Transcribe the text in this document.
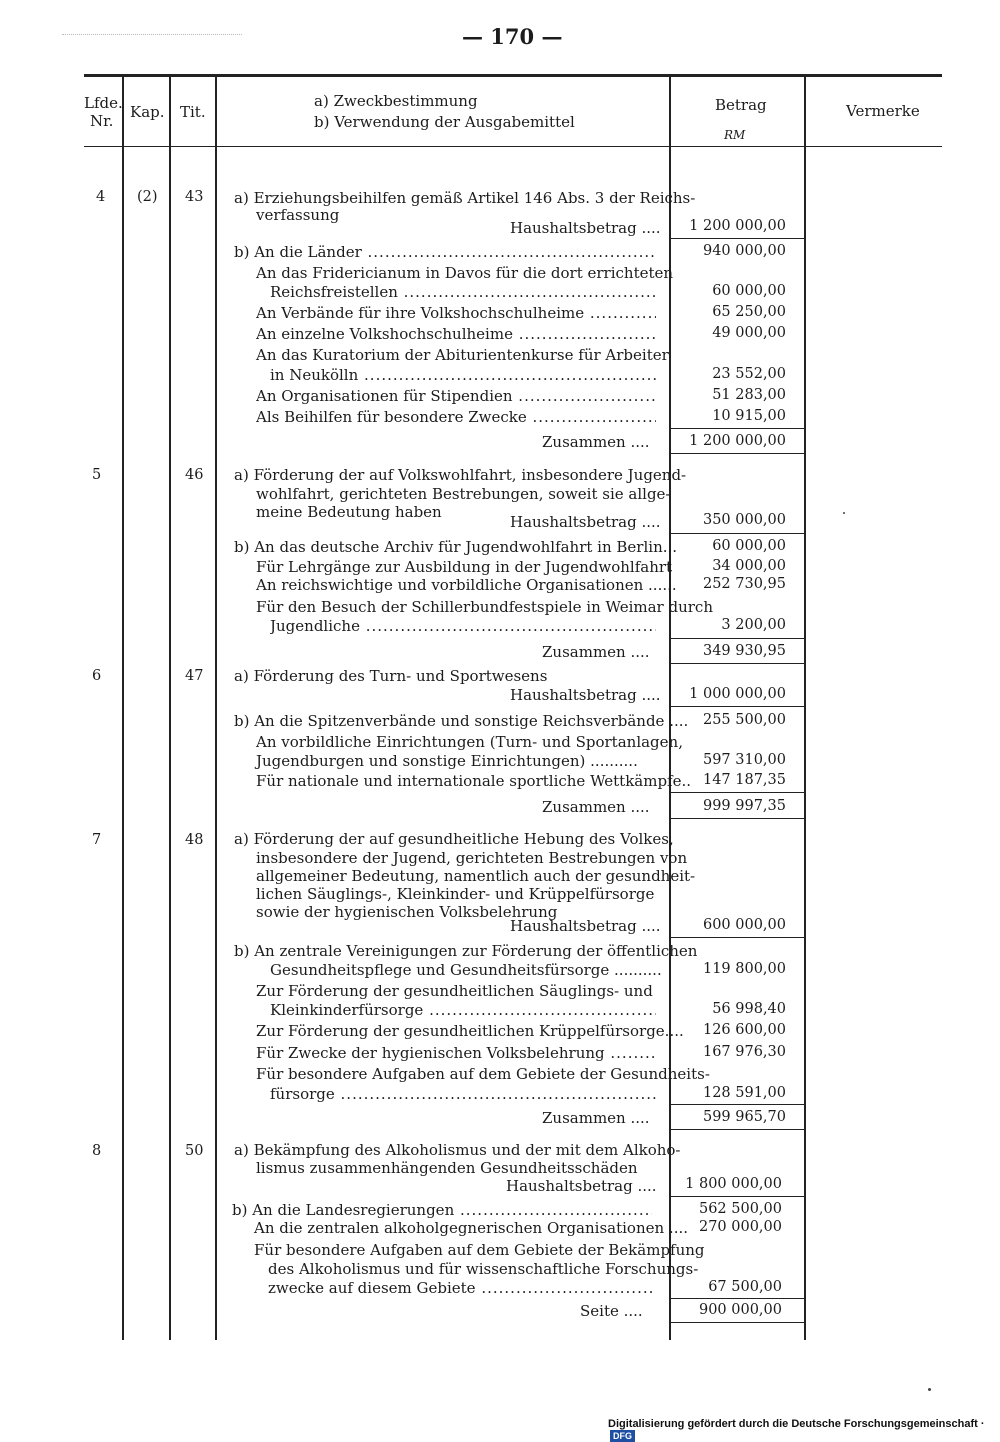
— 170 —
Lfde.
Nr. Kap. Tit.
a) Zweckbestimmung
b) Verwendung der Ausgabemittel
Betrag
RM
Vermerke
4 (2) 43 a) Erziehungsbeihilfen gemäß Artikel 146 Abs. 3 der Reichs-
verfassung
Haushaltsbetrag ....	1 200 000,00
b) An die Länder .....	940 000,00
An das Fridericianum in Davos für die dort errichteten
Reichsfreistellen .....	60 000,00
An Verbände für ihre Volkshochschulheime .....	65 250,00
An einzelne Volkshochschulheime .....	49 000,00
An das Kuratorium der Abiturientenkurse für Arbeiter
in Neukölln .....	23 552,00
An Organisationen für Stipendien .....	51 283,00
Als Beihilfen für besondere Zwecke .....	10 915,00
Zusammen ....	1 200 000,00
5	46 a) Förderung der auf Volkswohlfahrt, insbesondere Jugend-
wohlfahrt, gerichteten Bestrebungen, soweit sie allge-
meine Bedeutung haben
Haushaltsbetrag ....	350 000,00
b) An das deutsche Archiv für Jugendwohlfahrt in Berlin...	60 000,00
Für Lehrgänge zur Ausbildung in der Jugendwohlfahrt	34 000,00
An reichswichtige und vorbildliche Organisationen ......	252 730,95
Für den Besuch der Schillerbundfestspiele in Weimar durch
Jugendliche .....	3 200,00
Zusammen ....	349 930,95
6	47 a) Förderung des Turn- und Sportwesens
Haushaltsbetrag ....	1 000 000,00
b) An die Spitzenverbände und sonstige Reichsverbände ....	255 500,00
An vorbildliche Einrichtungen (Turn- und Sportanlagen,
Jugendburgen und sonstige Einrichtungen) ..........	597 310,00
Für nationale und internationale sportliche Wettkämpfe.. 147 187,35
Zusammen ....	999 997,35
7	48 a) Förderung der auf gesundheitliche Hebung des Volkes,
insbesondere der Jugend, gerichteten Bestrebungen von
allgemeiner Bedeutung, namentlich auch der gesundheit-
lichen Säuglings-, Kleinkinder- und Krüppelfürsorge
sowie der hygienischen Volksbelehrung
Haushaltsbetrag ....	600 000,00
b) An zentrale Vereinigungen zur Förderung der öffentlichen
Gesundheitspflege und Gesundheitsfürsorge ..........	119 800,00
Zur Förderung der gesundheitlichen Säuglings- und
Kleinkinderfürsorge .....	56 998,40
Zur Förderung der gesundheitlichen Krüppelfürsorge....	126 600,00
Für Zwecke der hygienischen Volksbelehrung .....	167 976,30
Für besondere Aufgaben auf dem Gebiete der Gesundheits-
fürsorge .....	128 591,00
Zusammen ....	599 965,70
8	50 a) Bekämpfung des Alkoholismus und der mit dem Alkoho-
lismus zusammenhängenden Gesundheitsschäden
Haushaltsbetrag ....	1 800 000,00
b) An die Landesregierungen .....	562 500,00
An die zentralen alkoholgegnerischen Organisationen .... 270 000,00
Für besondere Aufgaben auf dem Gebiete der Bekämpfung
des Alkoholismus und für wissenschaftliche Forschungs-
zwecke auf diesem Gebiete .....	67 500,00
Seite ....	900 000,00
Digitalisierung gefördert durch die Deutsche Forschungsgemeinschaft ·DFG
